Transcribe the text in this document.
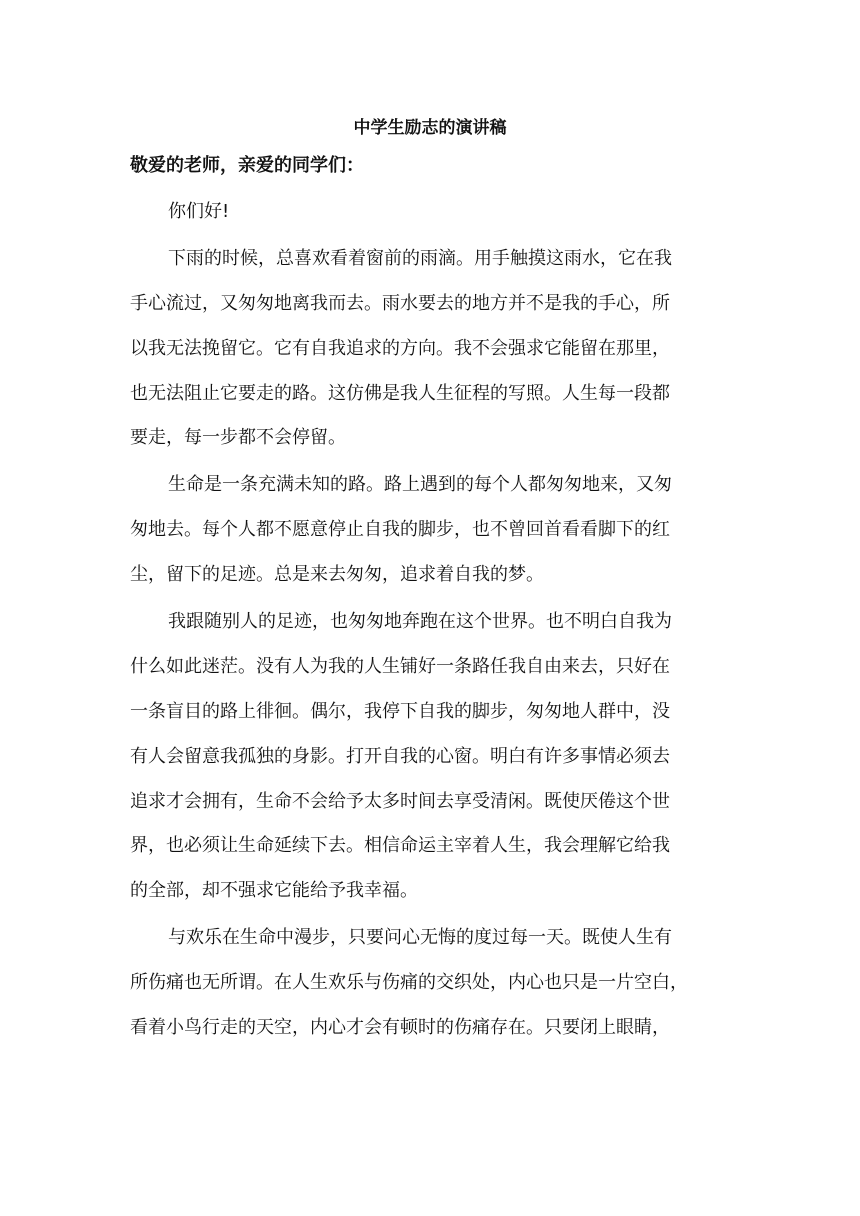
中学生励志的演讲稿
敬爱的老师，亲爱的同学们：
你们好!
下雨的时候，总喜欢看着窗前的雨滴。用手触摸这雨水，它在我
手心流过，又匆匆地离我而去。雨水要去的地方并不是我的手心，所
以我无法挽留它。它有自我追求的方向。我不会强求它能留在那里，
也无法阻止它要走的路。这仿佛是我人生征程的写照。人生每一段都
要走，每一步都不会停留。
生命是一条充满未知的路。路上遇到的每个人都匆匆地来，又匆
匆地去。每个人都不愿意停止自我的脚步，也不曾回首看看脚下的红
尘，留下的足迹。总是来去匆匆，追求着自我的梦。
我跟随别人的足迹，也匆匆地奔跑在这个世界。也不明白自我为
什么如此迷茫。没有人为我的人生铺好一条路任我自由来去，只好在
一条盲目的路上徘徊。偶尔，我停下自我的脚步，匆匆地人群中，没
有人会留意我孤独的身影。打开自我的心窗。明白有许多事情必须去
追求才会拥有，生命不会给予太多时间去享受清闲。既使厌倦这个世
界，也必须让生命延续下去。相信命运主宰着人生，我会理解它给我
的全部，却不强求它能给予我幸福。
与欢乐在生命中漫步，只要问心无悔的度过每一天。既使人生有
所伤痛也无所谓。在人生欢乐与伤痛的交织处，内心也只是一片空白，
看着小鸟行走的天空，内心才会有顿时的伤痛存在。只要闭上眼睛，
